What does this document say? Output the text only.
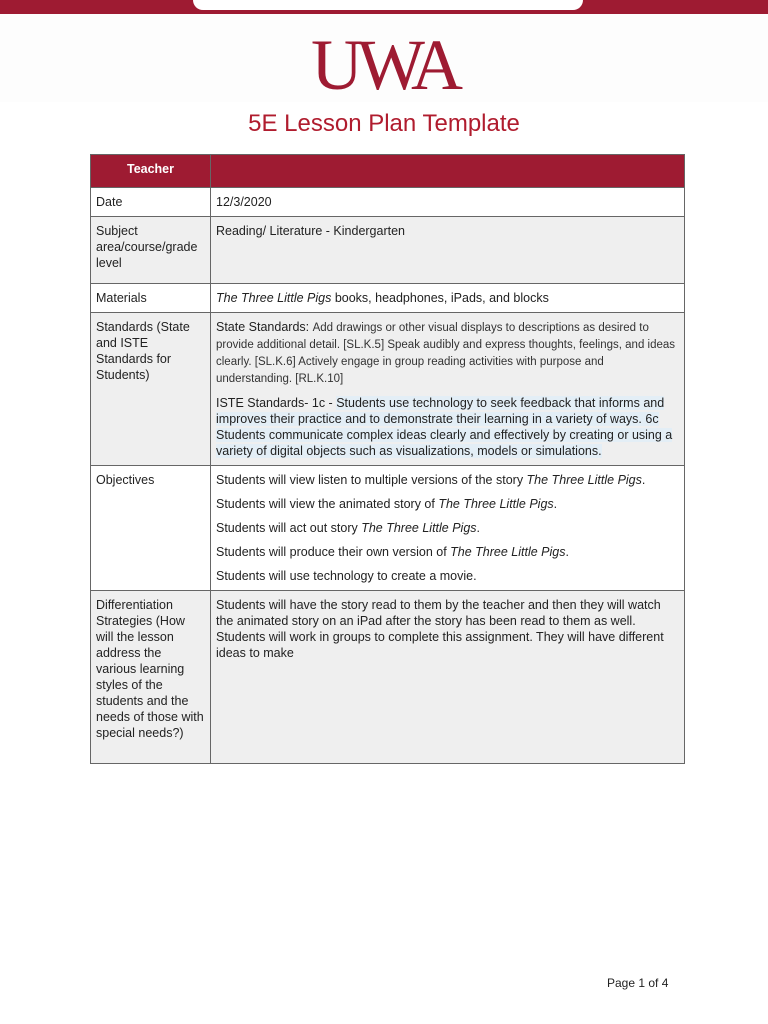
UWA
5E Lesson Plan Template
Teacher	
Date	12/3/2020
Subject area/course/grade level	Reading/ Literature - Kindergarten
Materials	The Three Little Pigs books, headphones, iPads, and blocks
Standards (State and ISTE Standards for Students)	State Standards: Add drawings or other visual displays to descriptions as desired to provide additional detail. [SL.K.5] Speak audibly and express thoughts, feelings, and ideas clearly. [SL.K.6] Actively engage in group reading activities with purpose and understanding. [RL.K.10]

ISTE Standards- 1c - Students use technology to seek feedback that informs and improves their practice and to demonstrate their learning in a variety of ways. 6c Students communicate complex ideas clearly and effectively by creating or using a variety of digital objects such as visualizations, models or simulations.

Objectives	Students will view listen to multiple versions of the story The Three Little Pigs.

Students will view the animated story of The Three Little Pigs.

Students will act out story The Three Little Pigs.

Students will produce their own version of The Three Little Pigs.

Students will use technology to create a movie.

Differentiation Strategies (How will the lesson address the various learning styles of the students and the needs of those with special needs?)	Students will have the story read to them by the teacher and then they will watch the animated story on an iPad after the story has been read to them as well. Students will work in groups to complete this assignment. They will have different ideas to make
Page 1 of 4
